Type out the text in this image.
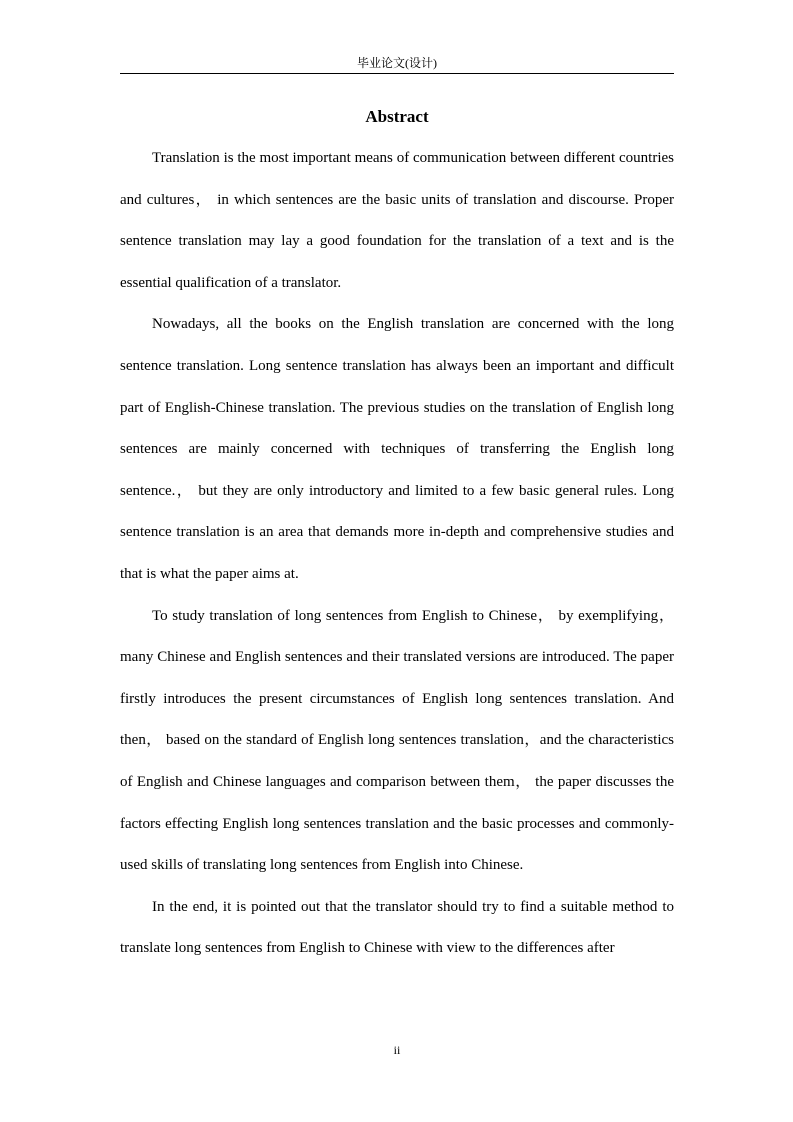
毕业论文(设计)
Abstract

Translation is the most important means of communication between different countries and cultures， in which sentences are the basic units of translation and discourse. Proper sentence translation may lay a good foundation for the translation of a text and is the essential qualification of a translator.

Nowadays, all the books on the English translation are concerned with the long sentence translation. Long sentence translation has always been an important and difficult part of English-Chinese translation. The previous studies on the translation of English long sentences are mainly concerned with techniques of transferring the English long sentence.， but they are only introductory and limited to a few basic general rules. Long sentence translation is an area that demands more in-depth and comprehensive studies and that is what the paper aims at.

To study translation of long sentences from English to Chinese， by exemplifying，many Chinese and English sentences and their translated versions are introduced. The paper firstly introduces the present circumstances of English long sentences translation. And then， based on the standard of English long sentences translation，and the characteristics of English and Chinese languages and comparison between them， the paper discusses the factors effecting English long sentences translation and the basic processes and commonly-used skills of translating long sentences from English into Chinese.

In the end, it is pointed out that the translator should try to find a suitable method to translate long sentences from English to Chinese with view to the differences after

ii
